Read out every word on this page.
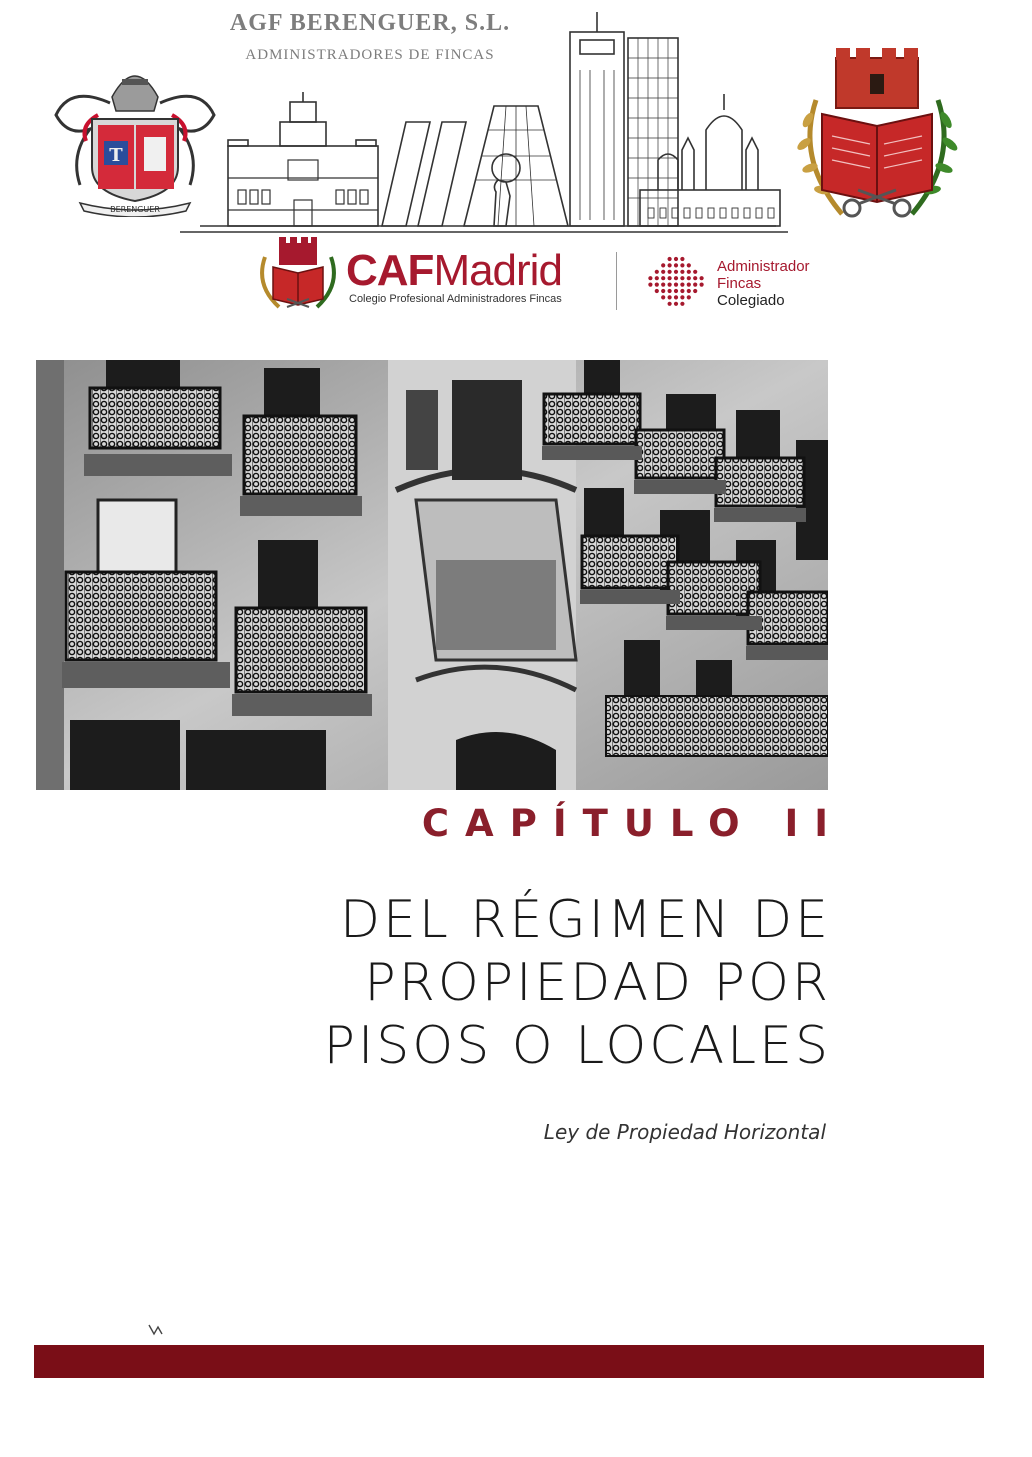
AGF BERENGUER, S.L.
ADMINISTRADORES DE FINCAS
T
BERENGUER
CAFMadrid
Colegio Profesional Administradores Fincas
Administrador
Fincas
Colegiado
CAPÍTULO II
DEL RÉGIMEN DE
PROPIEDAD POR
PISOS O LOCALES
Ley de Propiedad Horizontal
